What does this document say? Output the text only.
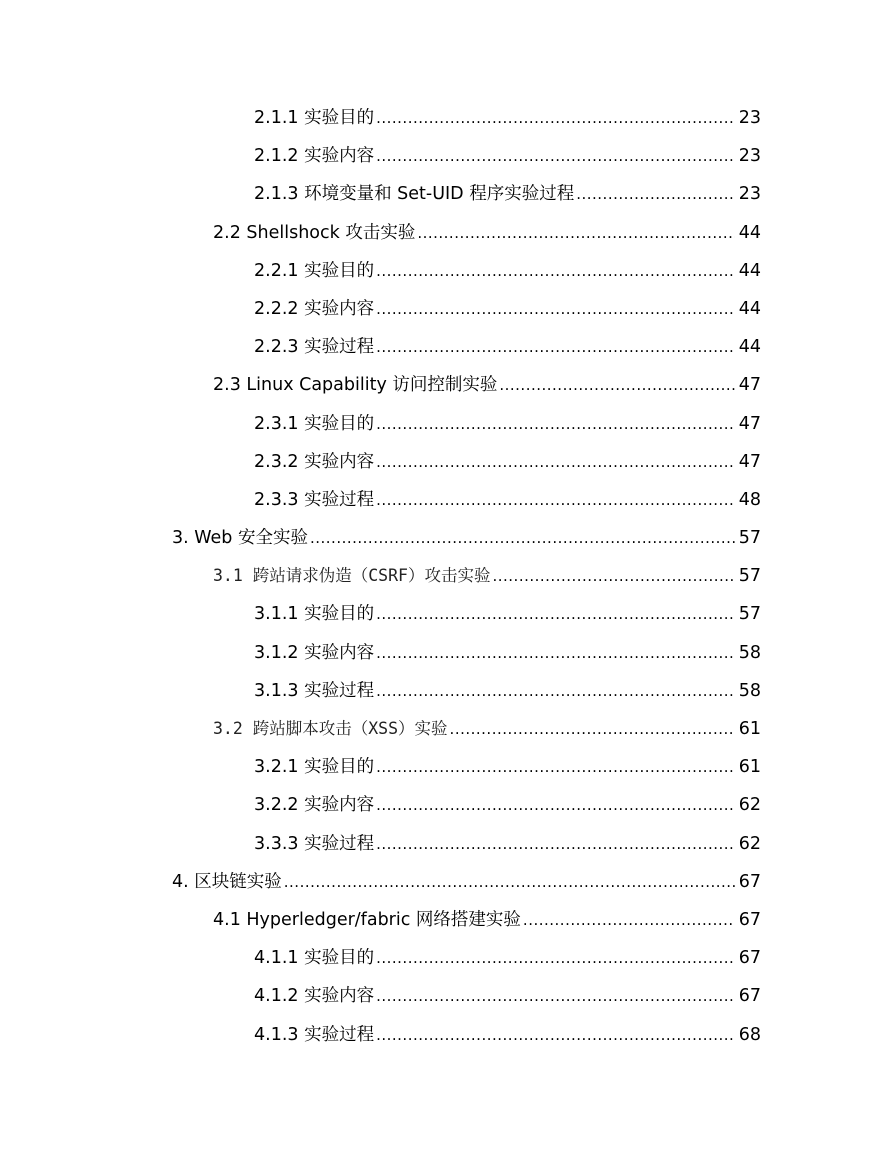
2.1.1 实验目的 .....	23
2.1.2 实验内容 .....	23
2.1.3 环境变量和 Set-UID 程序实验过程 .....	23
2.2 Shellshock 攻击实验 .....	44
2.2.1 实验目的 .....	44
2.2.2 实验内容 .....	44
2.2.3 实验过程 .....	44
2.3 Linux Capability 访问控制实验 .....	47
2.3.1 实验目的 .....	47
2.3.2 实验内容 .....	47
2.3.3 实验过程 .....	48
3. Web 安全实验 .....	57
3.1 跨站请求伪造（CSRF）攻击实验 .....	57
3.1.1 实验目的 .....	57
3.1.2 实验内容 .....	58
3.1.3 实验过程 .....	58
3.2 跨站脚本攻击（XSS）实验 .....	61
3.2.1 实验目的 .....	61
3.2.2 实验内容 .....	62
3.3.3 实验过程 .....	62
4. 区块链实验 .....	67
4.1 Hyperledger/fabric 网络搭建实验 .....	67
4.1.1 实验目的 .....	67
4.1.2 实验内容 .....	67
4.1.3 实验过程 .....	68
